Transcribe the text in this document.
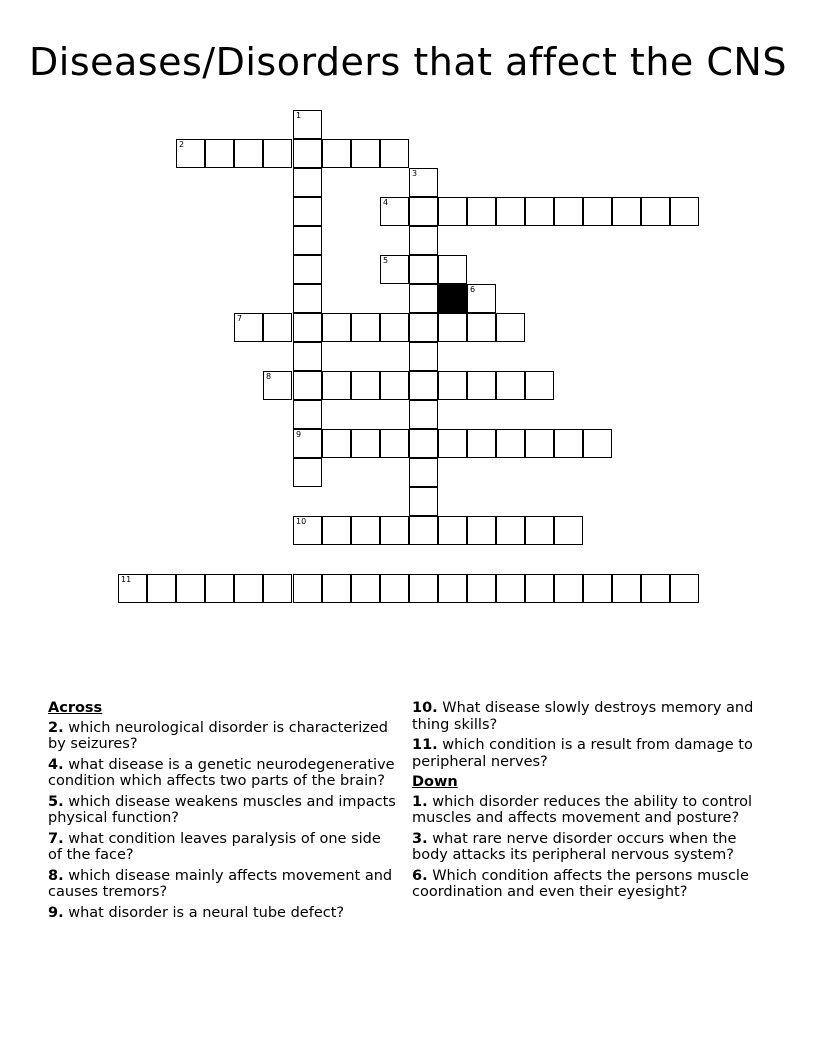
Diseases/Disorders that affect the CNS
1
2
3
4
5
6
7
8
9
10
11
Across
2. which neurological disorder is characterized by seizures?
4. what disease is a genetic neurodegenerative condition which affects two parts of the brain?
5. which disease weakens muscles and impacts physical function?
7. what condition leaves paralysis of one side of the face?
8. which disease mainly affects movement and causes tremors?
9. what disorder is a neural tube defect?
10. What disease slowly destroys memory and thing skills?
11. which condition is a result from damage to peripheral nerves?
Down
1. which disorder reduces the ability to control muscles and affects movement and posture?
3. what rare nerve disorder occurs when the body attacks its peripheral nervous system?
6. Which condition affects the persons muscle coordination and even their eyesight?
